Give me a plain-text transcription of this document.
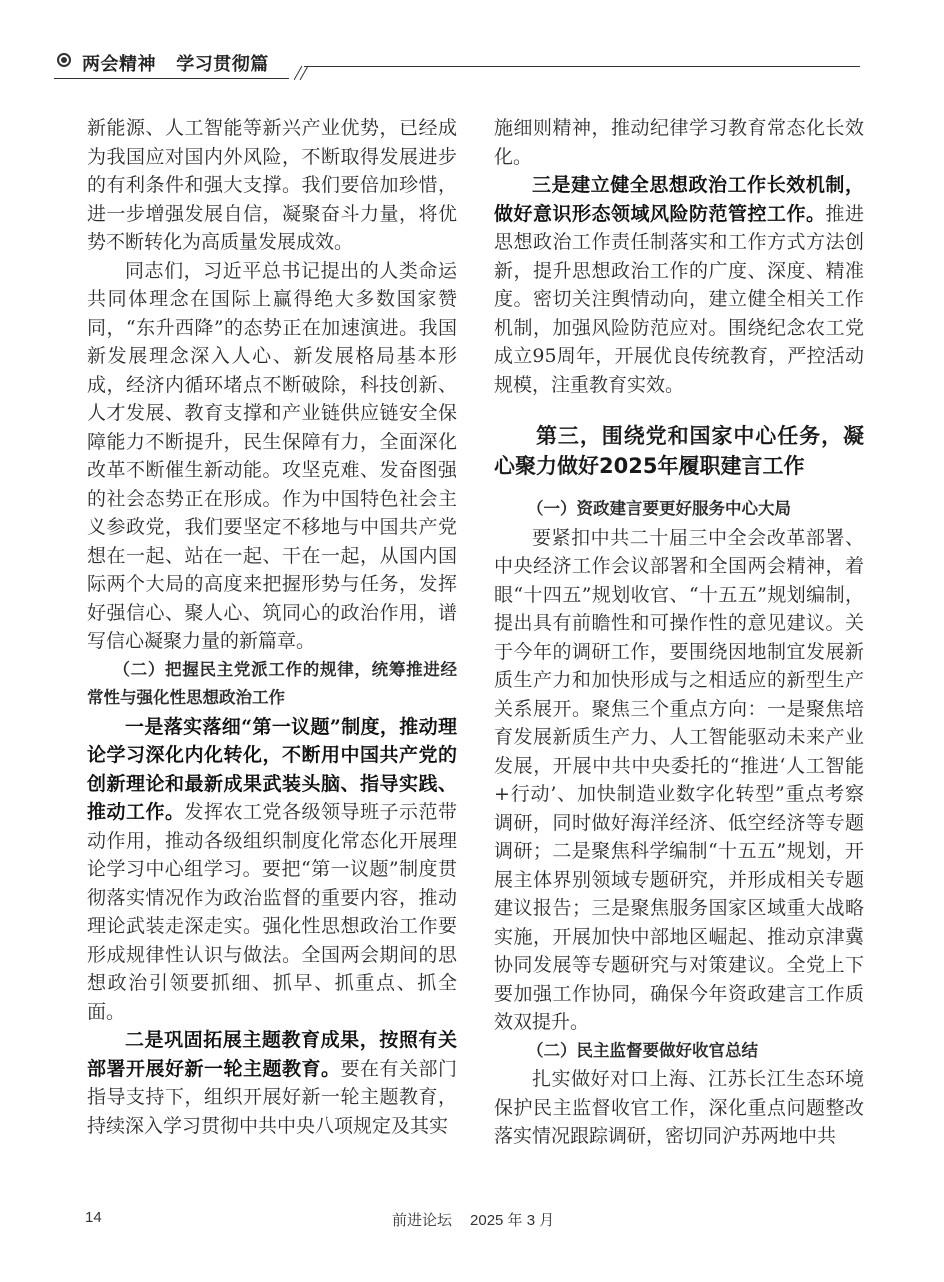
两会精神   学习贯彻篇

新能源、人工智能等新兴产业优势，已经成为我国应对国内外风险，不断取得发展进步的有利条件和强大支撑。我们要倍加珍惜，进一步增强发展自信，凝聚奋斗力量，将优势不断转化为高质量发展成效。

同志们，习近平总书记提出的人类命运共同体理念在国际上赢得绝大多数国家赞同，“东升西降”的态势正在加速演进。我国新发展理念深入人心、新发展格局基本形成，经济内循环堵点不断破除，科技创新、人才发展、教育支撑和产业链供应链安全保障能力不断提升，民生保障有力，全面深化改革不断催生新动能。攻坚克难、发奋图强的社会态势正在形成。作为中国特色社会主义参政党，我们要坚定不移地与中国共产党想在一起、站在一起、干在一起，从国内国际两个大局的高度来把握形势与任务，发挥好强信心、聚人心、筑同心的政治作用，谱写信心凝聚力量的新篇章。

（二）把握民主党派工作的规律，统筹推进经常性与强化性思想政治工作

一是落实落细“第一议题”制度，推动理论学习深化内化转化，不断用中国共产党的创新理论和最新成果武装头脑、指导实践、推动工作。发挥农工党各级领导班子示范带动作用，推动各级组织制度化常态化开展理论学习中心组学习。要把“第一议题”制度贯彻落实情况作为政治监督的重要内容，推动理论武装走深走实。强化性思想政治工作要形成规律性认识与做法。全国两会期间的思想政治引领要抓细、抓早、抓重点、抓全面。

二是巩固拓展主题教育成果，按照有关部署开展好新一轮主题教育。要在有关部门指导支持下，组织开展好新一轮主题教育，持续深入学习贯彻中共中央八项规定及其实

施细则精神，推动纪律学习教育常态化长效化。

三是建立健全思想政治工作长效机制，做好意识形态领域风险防范管控工作。推进思想政治工作责任制落实和工作方式方法创新，提升思想政治工作的广度、深度、精准度。密切关注舆情动向，建立健全相关工作机制，加强风险防范应对。围绕纪念农工党成立95周年，开展优良传统教育，严控活动规模，注重教育实效。

第三，围绕党和国家中心任务，凝心聚力做好2025年履职建言工作

（一）资政建言要更好服务中心大局

要紧扣中共二十届三中全会改革部署、中央经济工作会议部署和全国两会精神，着眼“十四五”规划收官、“十五五”规划编制，提出具有前瞻性和可操作性的意见建议。关于今年的调研工作，要围绕因地制宜发展新质生产力和加快形成与之相适应的新型生产关系展开。聚焦三个重点方向：一是聚焦培育发展新质生产力、人工智能驱动未来产业发展，开展中共中央委托的“推进‘人工智能+行动’、加快制造业数字化转型”重点考察调研，同时做好海洋经济、低空经济等专题调研；二是聚焦科学编制“十五五”规划，开展主体界别领域专题研究，并形成相关专题建议报告；三是聚焦服务国家区域重大战略实施，开展加快中部地区崛起、推动京津冀协同发展等专题研究与对策建议。全党上下要加强工作协同，确保今年资政建言工作质效双提升。

（二）民主监督要做好收官总结

扎实做好对口上海、江苏长江生态环境保护民主监督收官工作，深化重点问题整改落实情况跟踪调研，密切同沪苏两地中共

14	前进论坛 2025 年 3 月
